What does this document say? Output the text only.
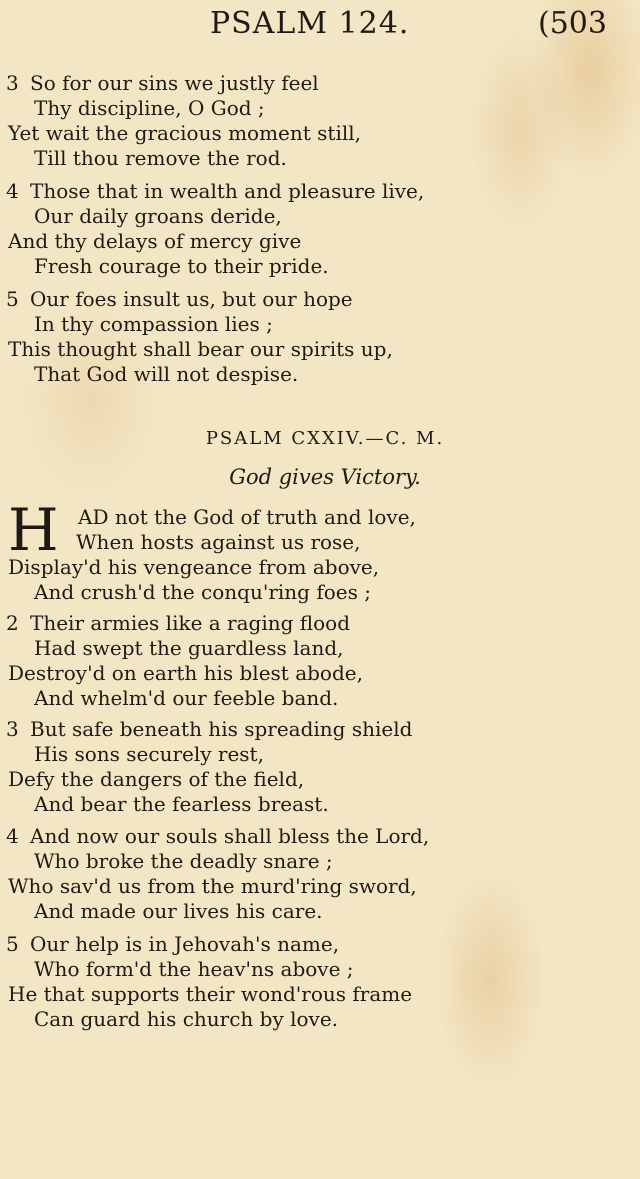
PSALM 124.	(503
3 So for our sins we justly feel
Thy discipline, O God ;
Yet wait the gracious moment still,
Till thou remove the rod.
4 Those that in wealth and pleasure live,
Our daily groans deride,
And thy delays of mercy give
Fresh courage to their pride.
5 Our foes insult us, but our hope
In thy compassion lies ;
This thought shall bear our spirits up,
That God will not despise.
PSALM CXXIV.—C. M.
God gives Victory.
H AD not the God of truth and love,
When hosts against us rose,
Display'd his vengeance from above,
And crush'd the conqu'ring foes ;
2 Their armies like a raging flood
Had swept the guardless land,
Destroy'd on earth his blest abode,
And whelm'd our feeble band.
3 But safe beneath his spreading shield
His sons securely rest,
Defy the dangers of the field,
And bear the fearless breast.
4 And now our souls shall bless the Lord,
Who broke the deadly snare ;
Who sav'd us from the murd'ring sword,
And made our lives his care.
5 Our help is in Jehovah's name,
Who form'd the heav'ns above ;
He that supports their wond'rous frame
Can guard his church by love.
